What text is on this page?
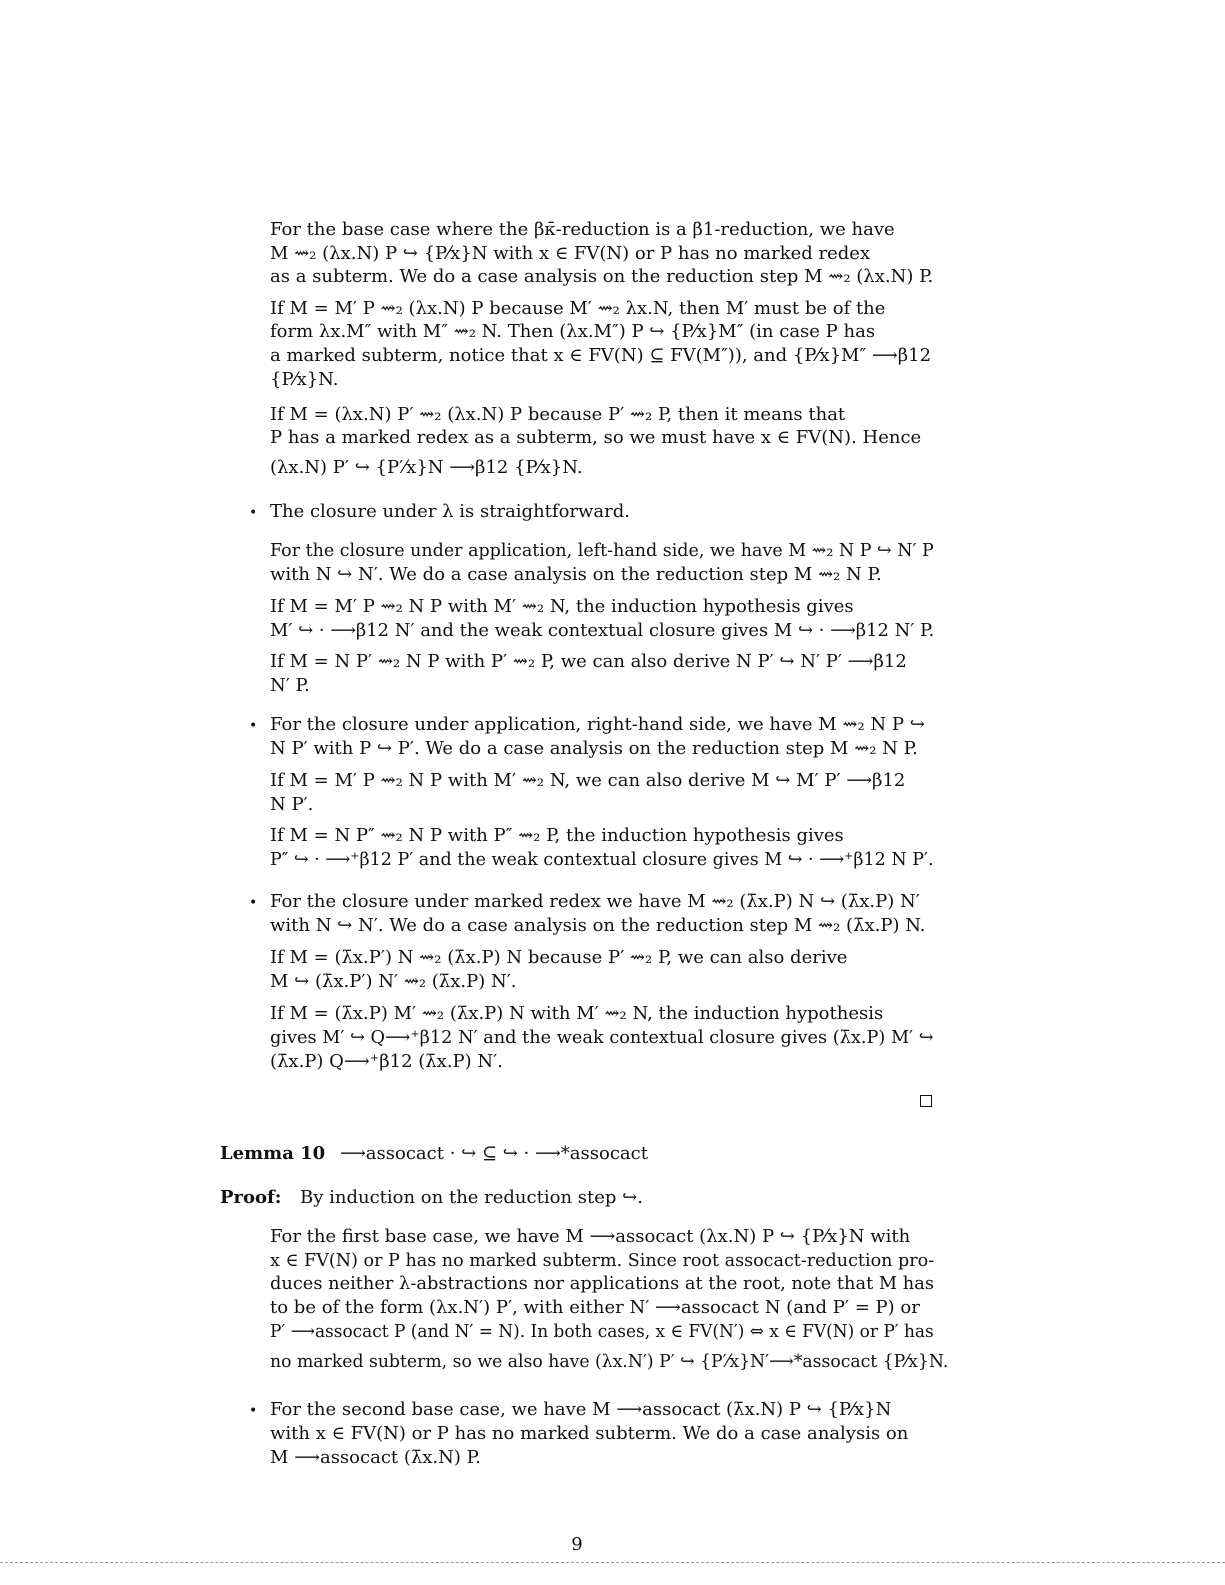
For the base case where the βκ̄-reduction is a β1-reduction, we have
M ⇝₂ (λx.N) P ↪ {P⁄x}N with x ∈ FV(N) or P has no marked redex
as a subterm. We do a case analysis on the reduction step M ⇝₂ (λx.N) P.
If M = M′ P ⇝₂ (λx.N) P because M′ ⇝₂ λx.N, then M′ must be of the
form λx.M″ with M″ ⇝₂ N. Then (λx.M″) P ↪ {P⁄x}M″ (in case P has
a marked subterm, notice that x ∈ FV(N) ⊆ FV(M″)), and {P⁄x}M″ ⟶β12
{P⁄x}N.
If M = (λx.N) P′ ⇝₂ (λx.N) P because P′ ⇝₂ P, then it means that
P has a marked redex as a subterm, so we must have x ∈ FV(N). Hence
(λx.N) P′ ↪ {P′⁄x}N ⟶β12 {P⁄x}N.
• The closure under λ is straightforward.
For the closure under application, left-hand side, we have M ⇝₂ N P ↪ N′ P
with N ↪ N′. We do a case analysis on the reduction step M ⇝₂ N P.
If M = M′ P ⇝₂ N P with M′ ⇝₂ N, the induction hypothesis gives
M′ ↪ · ⟶β12 N′ and the weak contextual closure gives M ↪ · ⟶β12 N′ P.
If M = N P′ ⇝₂ N P with P′ ⇝₂ P, we can also derive N P′ ↪ N′ P′ ⟶β12
N′ P.
• For the closure under application, right-hand side, we have M ⇝₂ N P ↪
N P′ with P ↪ P′. We do a case analysis on the reduction step M ⇝₂ N P.
If M = M′ P ⇝₂ N P with M′ ⇝₂ N, we can also derive M ↪ M′ P′ ⟶β12
N P′.
If M = N P″ ⇝₂ N P with P″ ⇝₂ P, the induction hypothesis gives
P″ ↪ · ⟶⁺β12 P′ and the weak contextual closure gives M ↪ · ⟶⁺β12 N P′.
• For the closure under marked redex we have M ⇝₂ (λ̄x.P) N ↪ (λ̄x.P) N′
with N ↪ N′. We do a case analysis on the reduction step M ⇝₂ (λ̄x.P) N.
If M = (λ̄x.P′) N ⇝₂ (λ̄x.P) N because P′ ⇝₂ P, we can also derive
M ↪ (λ̄x.P′) N′ ⇝₂ (λ̄x.P) N′.
If M = (λ̄x.P) M′ ⇝₂ (λ̄x.P) N with M′ ⇝₂ N, the induction hypothesis
gives M′ ↪ Q⟶⁺β12 N′ and the weak contextual closure gives (λ̄x.P) M′ ↪
(λ̄x.P) Q⟶⁺β12 (λ̄x.P) N′.
Lemma 10 ⟶assocact · ↪ ⊆ ↪ · ⟶*assocact
Proof: By induction on the reduction step ↪.
For the first base case, we have M ⟶assocact (λx.N) P ↪ {P⁄x}N with
x ∈ FV(N) or P has no marked subterm. Since root assocact-reduction pro-
duces neither λ-abstractions nor applications at the root, note that M has
to be of the form (λx.N′) P′, with either N′ ⟶assocact N (and P′ = P) or
P′ ⟶assocact P (and N′ = N). In both cases, x ∈ FV(N′) ⇔ x ∈ FV(N) or P′ has
no marked subterm, so we also have (λx.N′) P′ ↪ {P′⁄x}N′⟶*assocact {P⁄x}N.
• For the second base case, we have M ⟶assocact (λ̄x.N) P ↪ {P⁄x}N
with x ∈ FV(N) or P has no marked subterm. We do a case analysis on
M ⟶assocact (λ̄x.N) P.
9
